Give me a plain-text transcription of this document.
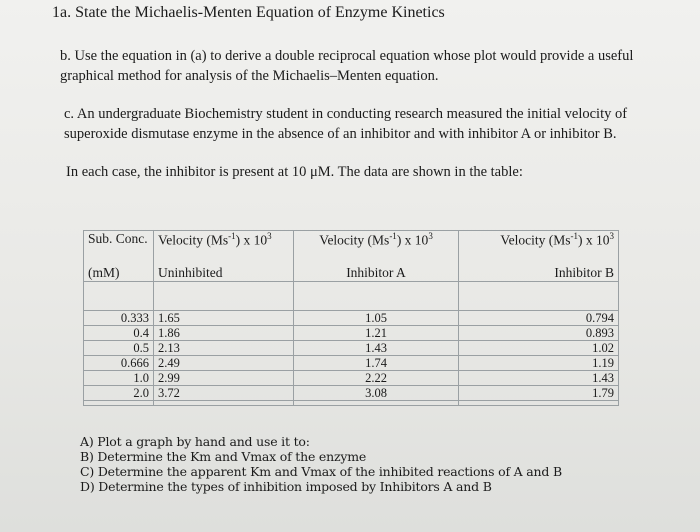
1a. State the Michaelis-Menten Equation of Enzyme Kinetics
b. Use the equation in (a) to derive a double reciprocal equation whose plot would provide a useful graphical method for analysis of the Michaelis–Menten equation.
c. An undergraduate Biochemistry student in conducting research measured the initial velocity of superoxide dismutase enzyme in the absence of an inhibitor and with inhibitor A or inhibitor B.
In each case, the inhibitor is present at 10 μM. The data are shown in the table:
Sub. Conc.	Velocity $(Ms^{-1})$ x $10^3$	Velocity $(Ms^{-1})$ x $10^3$	Velocity $(Ms^{-1})$ x $10^3$
(mM)	Uninhibited	Inhibitor A	Inhibitor B

0.333	1.65	1.05	0.794
0.4	1.86	1.21	0.893
0.5	2.13	1.43	1.02
0.666	2.49	1.74	1.19
1.0	2.99	2.22	1.43
2.0	3.72	3.08	1.79

A) Plot a graph by hand and use it to:
B) Determine the Km and Vmax of the enzyme
C) Determine the apparent Km and Vmax of the inhibited reactions of A and B
D) Determine the types of inhibition imposed by Inhibitors A and B
